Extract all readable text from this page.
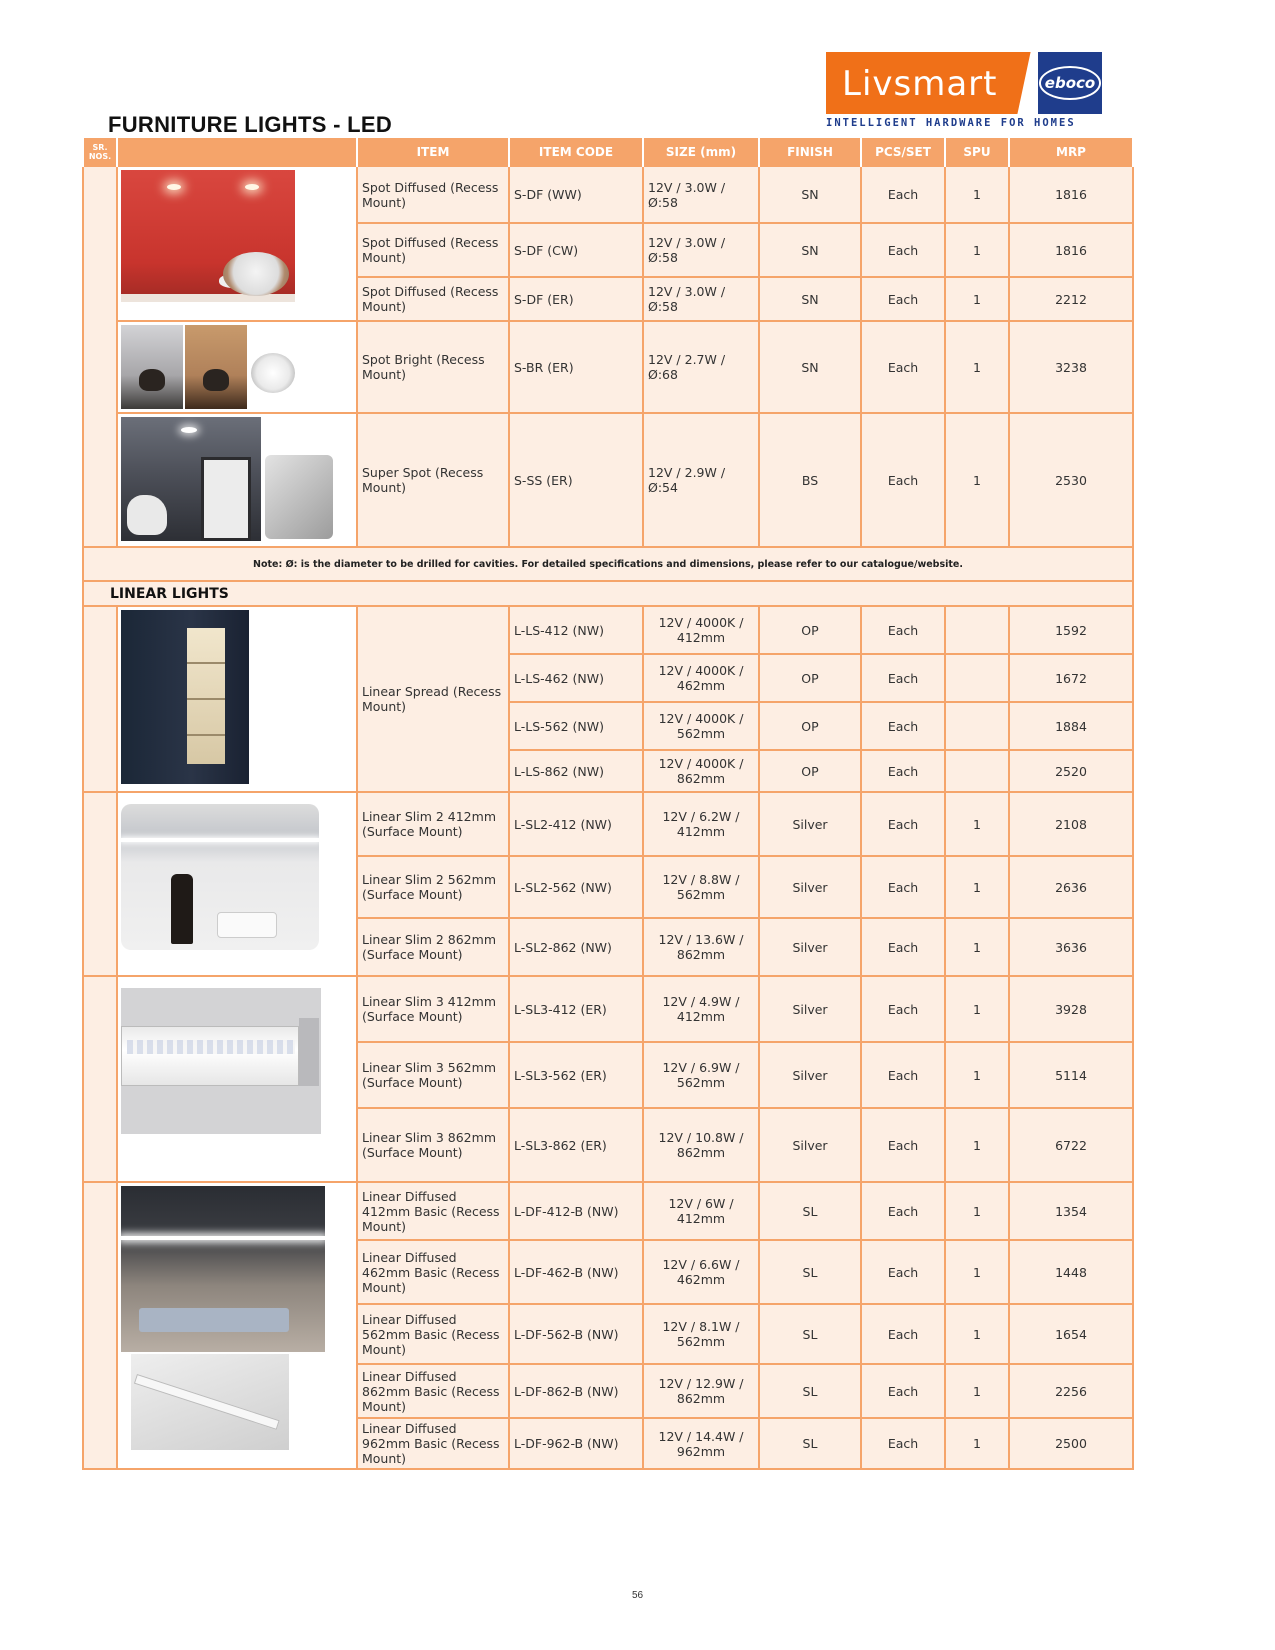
FURNITURE LIGHTS - LED
Livsmart	eboco
INTELLIGENT HARDWARE FOR HOMES
SR. NOS.		ITEM	ITEM CODE	SIZE (mm)	FINISH	PCS/SET	SPU	MRP

	Spot Diffused (Recess Mount)	S-DF (WW)	12V / 3.0W / Ø:58	SN	Each	1	1816
		Spot Diffused (Recess Mount)	S-DF (CW)	12V / 3.0W / Ø:58	SN	Each	1	1816
		Spot Diffused (Recess Mount)	S-DF (ER)	12V / 3.0W / Ø:58	SN	Each	1	2212

		Spot Bright (Recess Mount)	S-BR (ER)	12V / 2.7W / Ø:68	SN	Each	1	3238

		Super Spot (Recess Mount)	S-SS (ER)	12V / 2.9W / Ø:54	BS	Each	1	2530
Note: Ø: is the diameter to be drilled for cavities. For detailed specifications and dimensions, please refer to our catalogue/website.								
LINEAR LIGHTS								

	Linear Spread (Recess Mount)	L-LS-412 (NW)	12V / 4000K / 412mm	OP	Each		1592
			L-LS-462 (NW)	12V / 4000K / 462mm	OP	Each		1672
			L-LS-562 (NW)	12V / 4000K / 562mm	OP	Each		1884
			L-LS-862 (NW)	12V / 4000K / 862mm	OP	Each		2520

	Linear Slim 2 412mm (Surface Mount)	L-SL2-412 (NW)	12V / 6.2W / 412mm	Silver	Each	1	2108
		Linear Slim 2 562mm (Surface Mount)	L-SL2-562 (NW)	12V / 8.8W / 562mm	Silver	Each	1	2636
		Linear Slim 2 862mm (Surface Mount)	L-SL2-862 (NW)	12V / 13.6W / 862mm	Silver	Each	1	3636

	Linear Slim 3 412mm (Surface Mount)	L-SL3-412 (ER)	12V / 4.9W / 412mm	Silver	Each	1	3928
		Linear Slim 3 562mm (Surface Mount)	L-SL3-562 (ER)	12V / 6.9W / 562mm	Silver	Each	1	5114
		Linear Slim 3 862mm (Surface Mount)	L-SL3-862 (ER)	12V / 10.8W / 862mm	Silver	Each	1	6722

	Linear Diffused 412mm Basic (Recess Mount)	L-DF-412-B (NW)	12V / 6W / 412mm	SL	Each	1	1354
		Linear Diffused 462mm Basic (Recess Mount)	L-DF-462-B (NW)	12V / 6.6W / 462mm	SL	Each	1	1448
		Linear Diffused 562mm Basic (Recess Mount)	L-DF-562-B (NW)	12V / 8.1W / 562mm	SL	Each	1	1654
		Linear Diffused 862mm Basic (Recess Mount)	L-DF-862-B (NW)	12V / 12.9W / 862mm	SL	Each	1	2256
		Linear Diffused 962mm Basic (Recess Mount)	L-DF-962-B (NW)	12V / 14.4W / 962mm	SL	Each	1	2500
56
